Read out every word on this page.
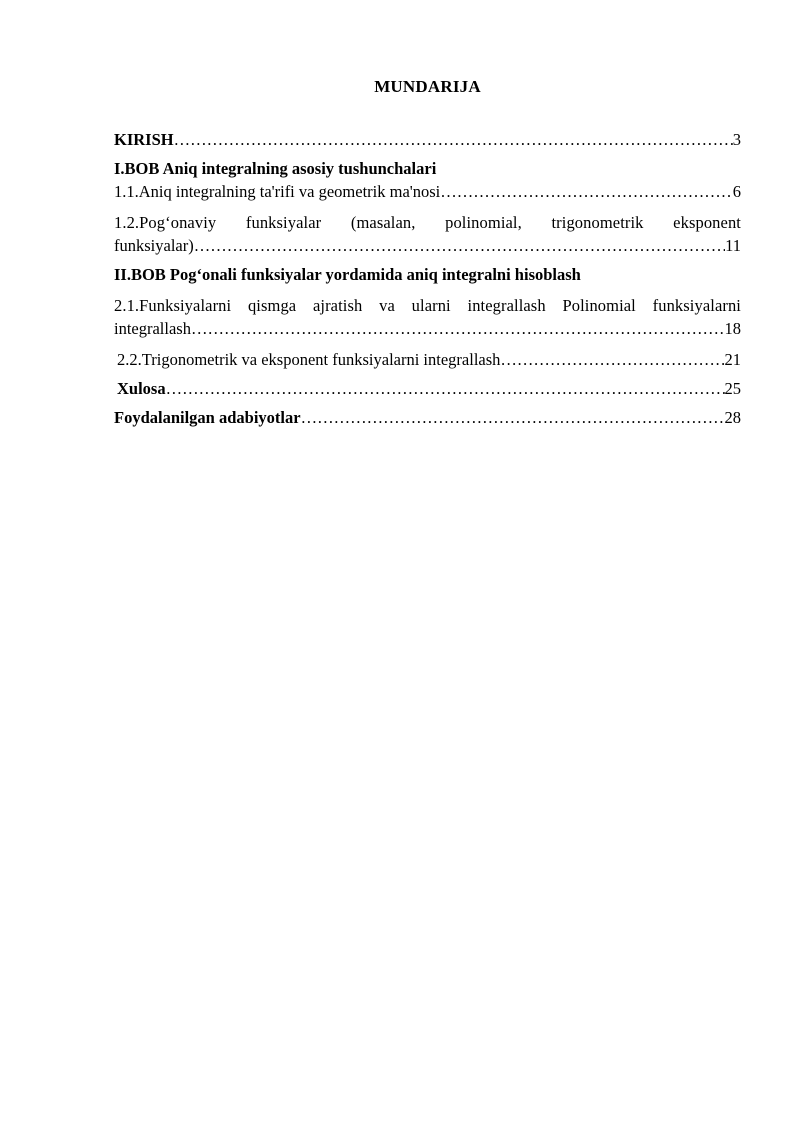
MUNDARIJA
KIRISH ……………………………………………………………………………………………………………………………………………………………………………………	3
I.BOB Aniq integralning asosiy tushunchalari
1.1.Aniq integralning ta'rifi va geometrik ma'nosi ……………………………………………………………………………………………………………………………………………………………………………………	6
1.2.Pog‘onaviy funksiyalar (masalan, polinomial, trigonometrik eksponent
funksiyalar) ……………………………………………………………………………………………………………………………………………………………………………………	11
II.BOB Pog‘onali funksiyalar yordamida aniq integralni hisoblash
2.1.Funksiyalarni qismga ajratish va ularni integrallash Polinomial funksiyalarni
integrallash ……………………………………………………………………………………………………………………………………………………………………………………	18
2.2.Trigonometrik va eksponent funksiyalarni integrallash ……………………………………………………………………………………………………………………………………………………………………………………	21
Xulosa ……………………………………………………………………………………………………………………………………………………………………………………	25
Foydalanilgan adabiyotlar ……………………………………………………………………………………………………………………………………………………………………………………	28
